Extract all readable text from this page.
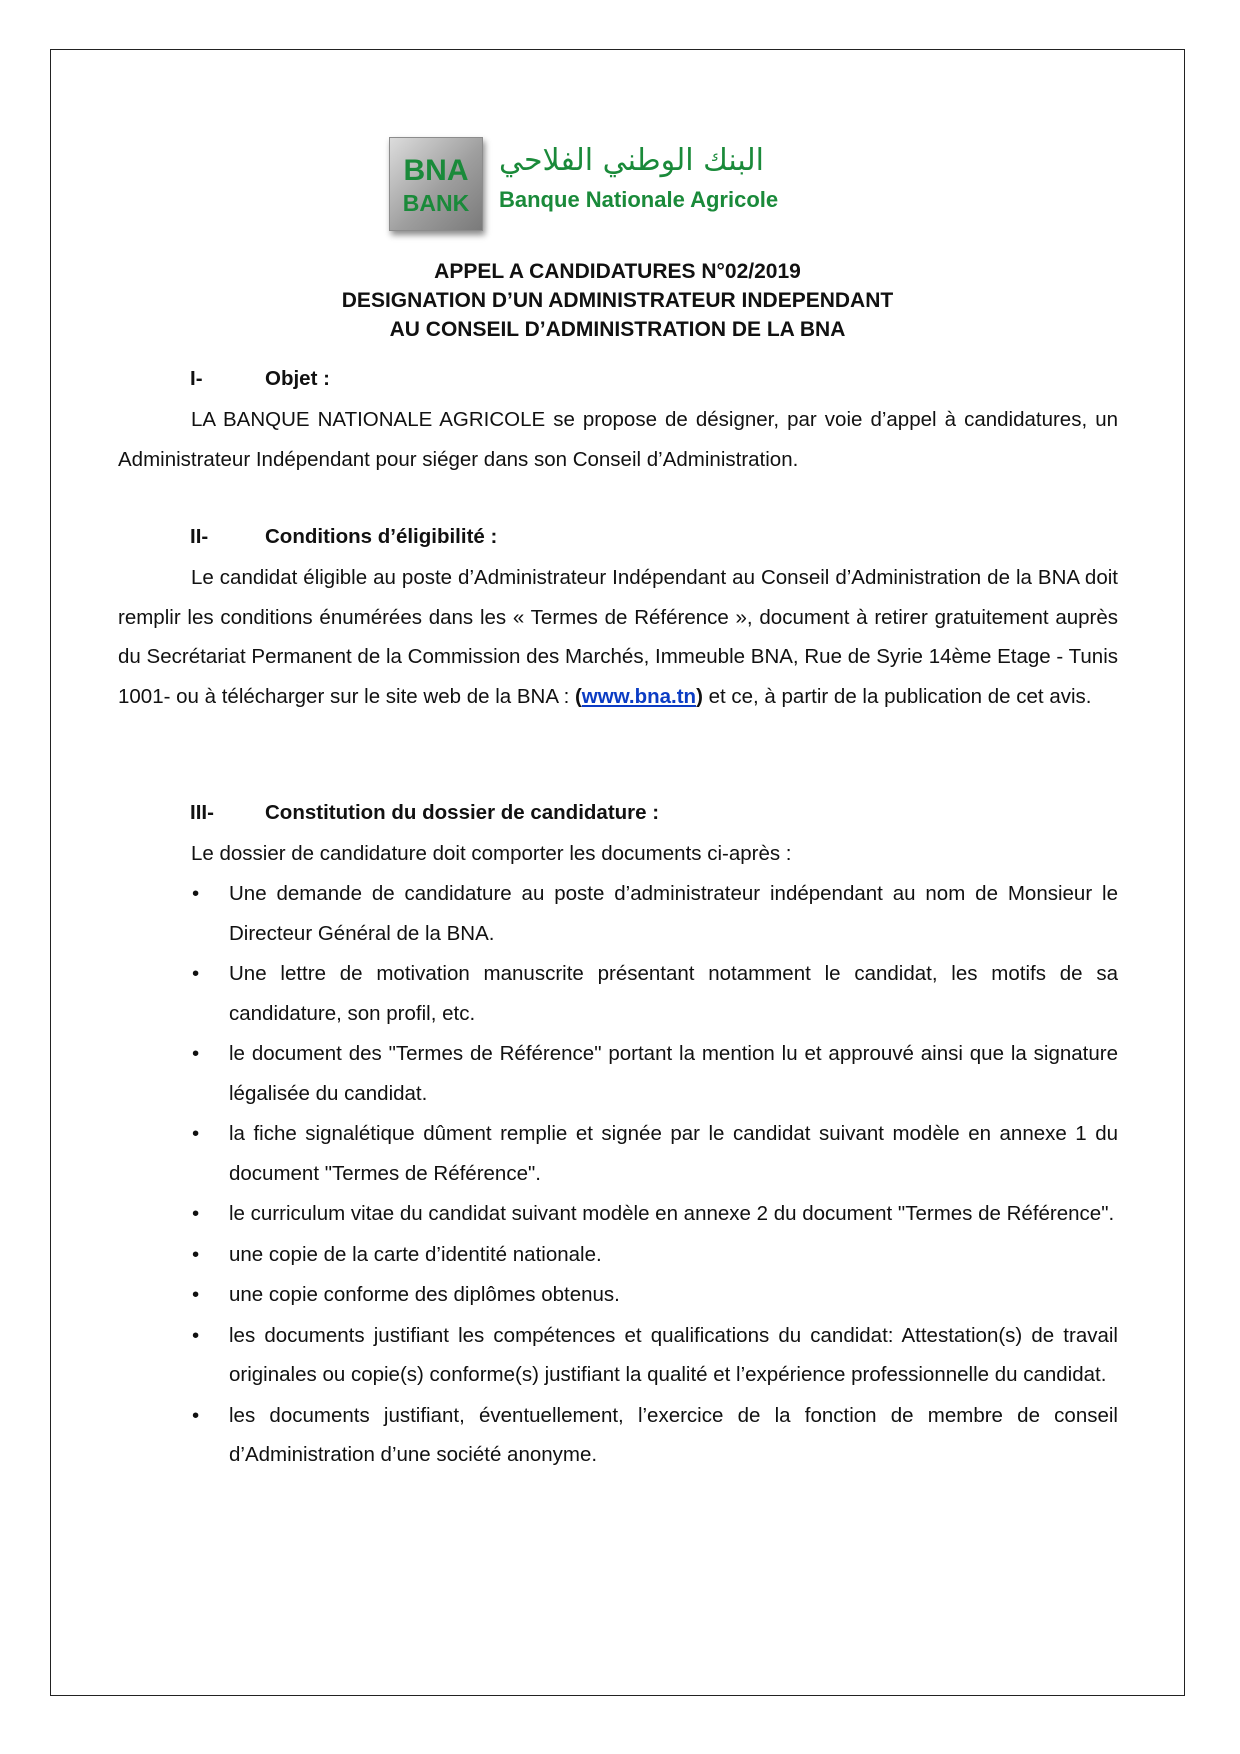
BNA
BANK
البنك الوطني الفلاحي
Banque Nationale Agricole
APPEL A CANDIDATURES N°02/2019
DESIGNATION D’UN ADMINISTRATEUR INDEPENDANT
AU CONSEIL D’ADMINISTRATION DE LA BNA
I-	Objet :
LA BANQUE NATIONALE AGRICOLE se propose de désigner, par voie d’appel à candidatures, un Administrateur Indépendant pour siéger dans son Conseil d’Administration.
II-	Conditions d’éligibilité :
Le candidat éligible au poste d’Administrateur Indépendant au Conseil d’Administration de la BNA doit remplir les conditions énumérées dans les « Termes de Référence », document à retirer gratuitement auprès du Secrétariat Permanent de la Commission des Marchés, Immeuble BNA, Rue de Syrie 14ème Etage - Tunis 1001- ou à télécharger sur le site web de la BNA : (www.bna.tn) et ce, à partir de la publication de cet avis.
III- Constitution du dossier de candidature :
Le dossier de candidature doit comporter les documents ci-après :
• Une demande de candidature au poste d’administrateur indépendant au nom de Monsieur le Directeur Général de la BNA.
• Une lettre de motivation manuscrite présentant notamment le candidat, les motifs de sa candidature, son profil, etc.
• le document des "Termes de Référence" portant la mention lu et approuvé ainsi que la signature légalisée du candidat.
• la fiche signalétique dûment remplie et signée par le candidat suivant modèle en annexe 1 du document "Termes de Référence".
• le curriculum vitae du candidat suivant modèle en annexe 2 du document "Termes de Référence".
• une copie de la carte d’identité nationale.
• une copie conforme des diplômes obtenus.
• les documents justifiant les compétences et qualifications du candidat: Attestation(s) de travail originales ou copie(s) conforme(s) justifiant la qualité et l’expérience professionnelle du candidat.
• les documents justifiant, éventuellement, l’exercice de la fonction de membre de conseil d’Administration d’une société anonyme.
